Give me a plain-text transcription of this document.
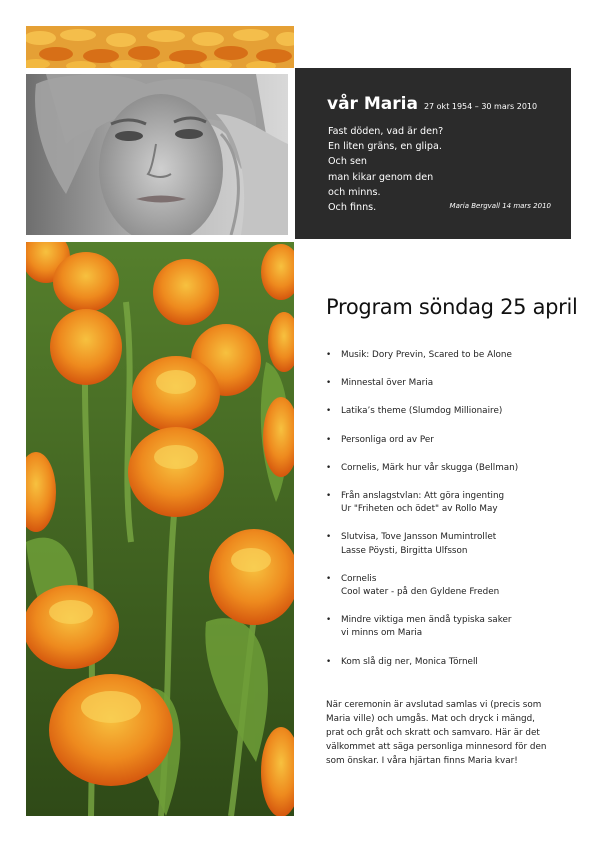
vår Maria 27 okt 1954 – 30 mars 2010
Fast döden, vad är den?
En liten gräns, en glipa.
Och sen
man kikar genom den
och minns.
Och finns.	Maria Bergvall 14 mars 2010
Program söndag 25 april
• Musik: Dory Previn, Scared to be Alone
• Minnestal över Maria
• Latika’s theme (Slumdog Millionaire)
• Personliga ord av Per
• Cornelis, Märk hur vår skugga (Bellman)
• Från anslagstvlan: Att göra ingenting
Ur "Friheten och ödet" av Rollo May
• Slutvisa, Tove Jansson Mumintrollet
Lasse Pöysti, Birgitta Ulfsson
• Cornelis
Cool water - på den Gyldene Freden
• Mindre viktiga men ändå typiska saker
vi minns om Maria
• Kom slå dig ner, Monica Törnell
När ceremonin är avslutad samlas vi (precis som
Maria ville) och umgås. Mat och dryck i mängd,
prat och gråt och skratt och samvaro. Här är det
välkommet att säga personliga minnesord för den
som önskar. I våra hjärtan finns Maria kvar!
